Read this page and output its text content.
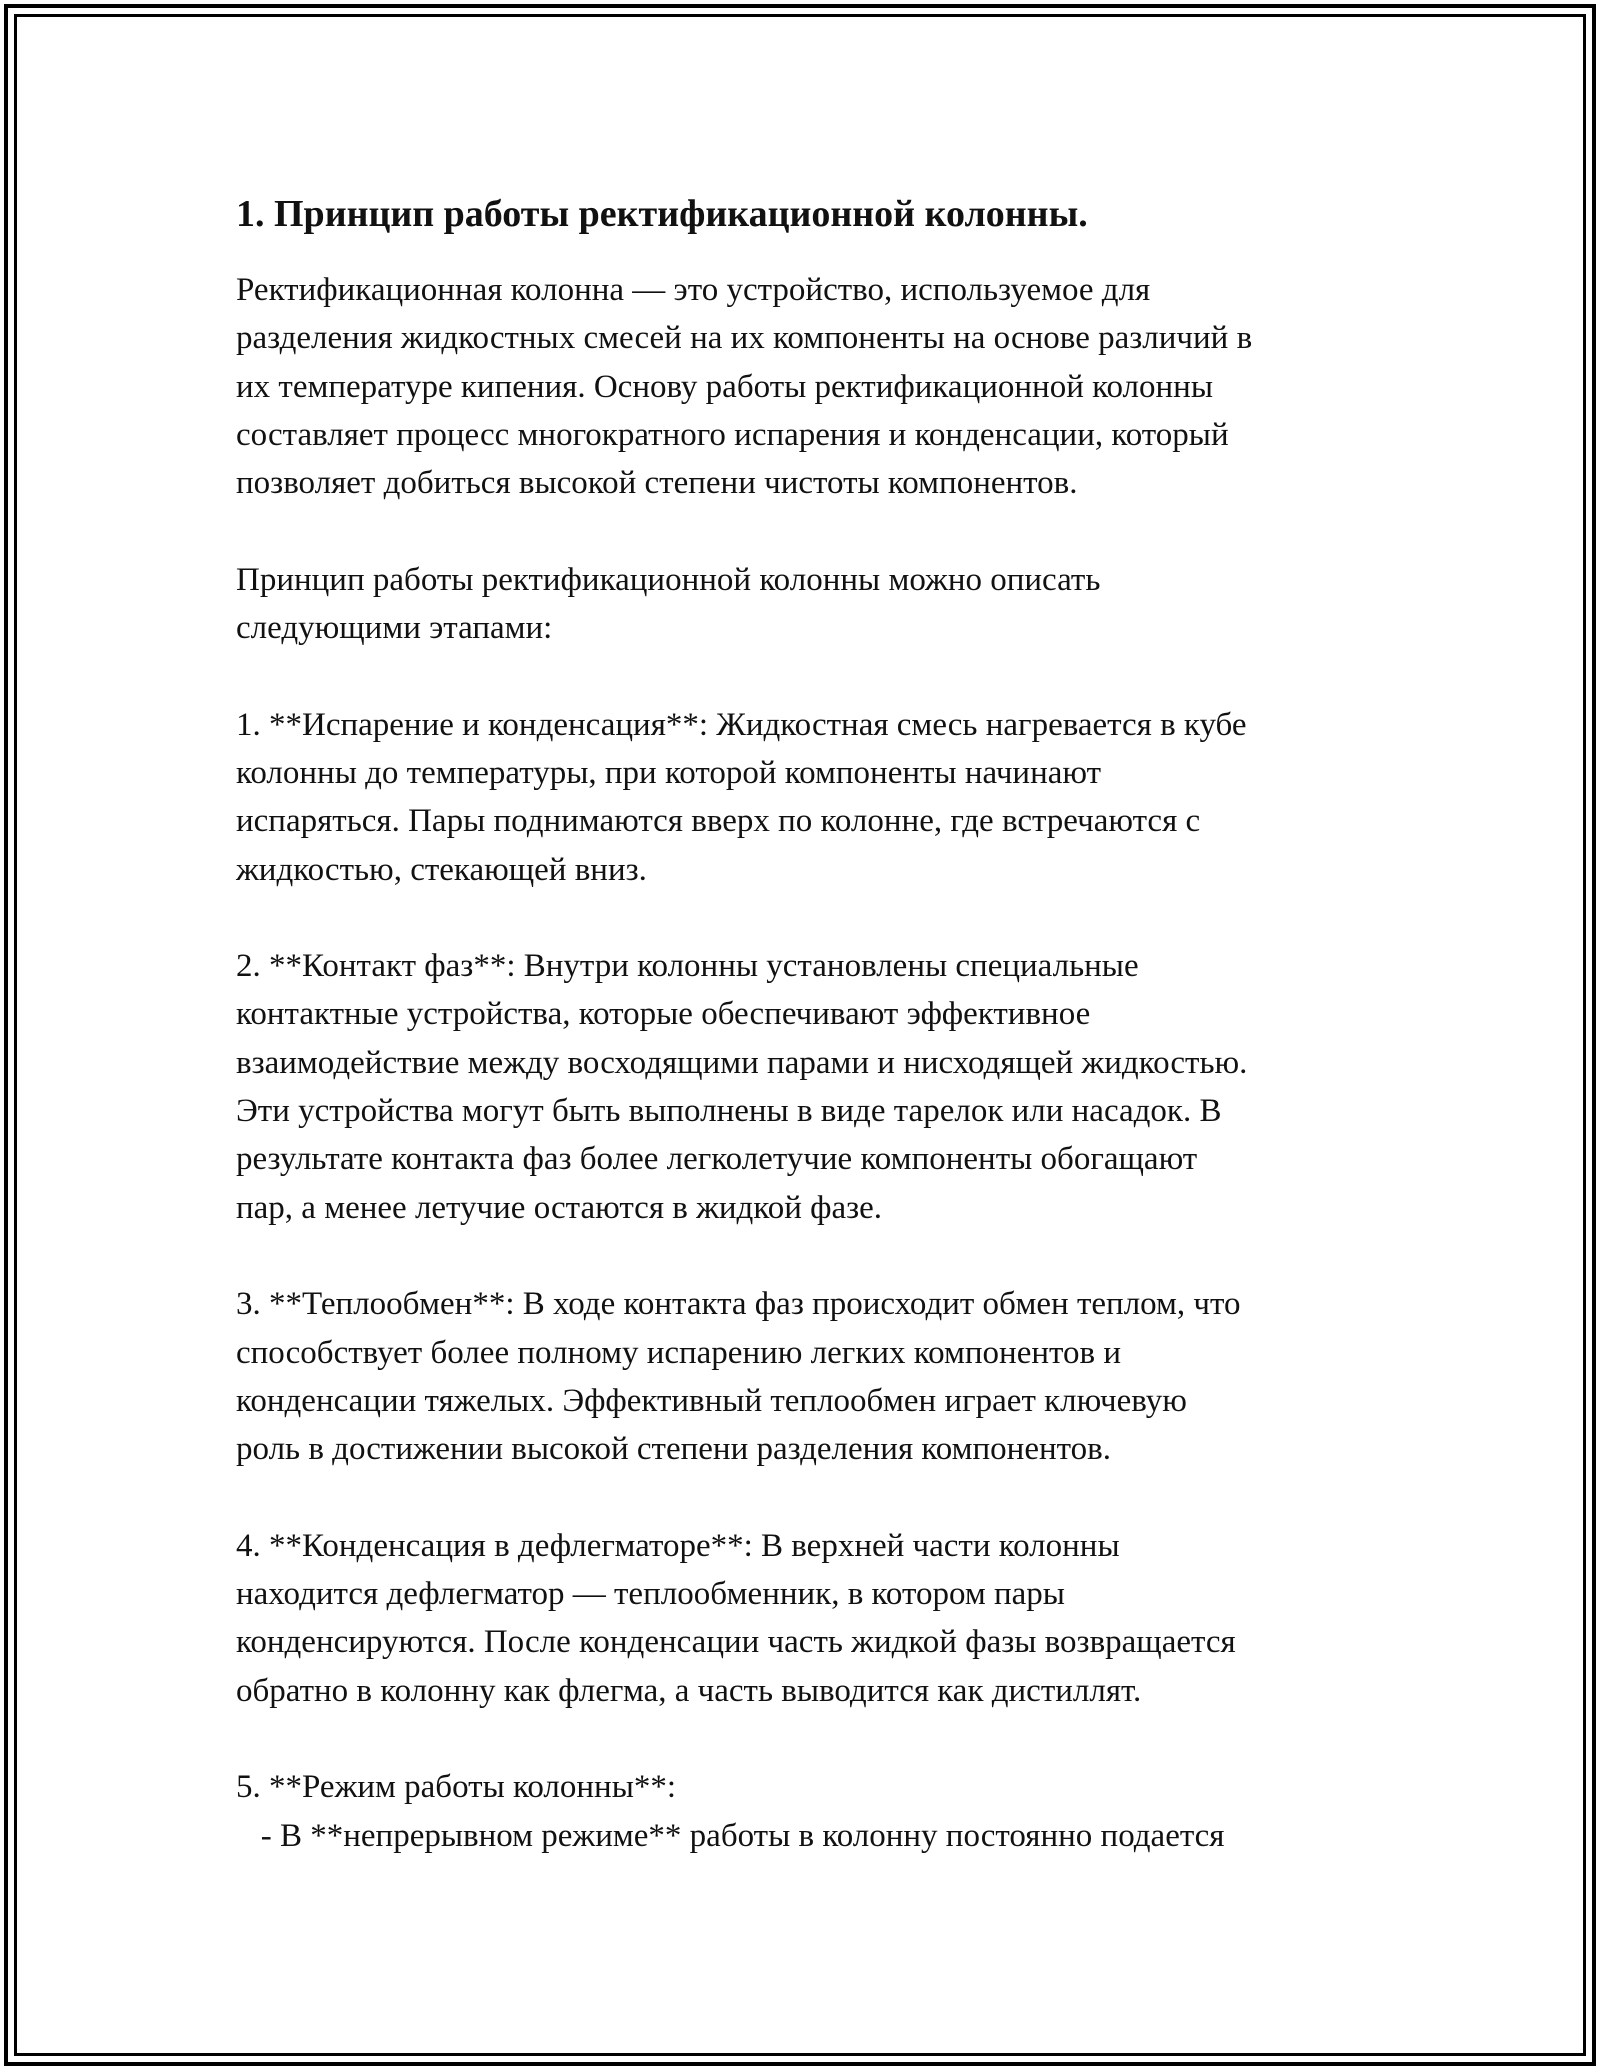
1. Принцип работы ректификационной колонны.
Ректификационная колонна — это устройство, используемое для
разделения жидкостных смесей на их компоненты на основе различий в
их температуре кипения. Основу работы ректификационной колонны
составляет процесс многократного испарения и конденсации, который
позволяет добиться высокой степени чистоты компонентов.
Принцип работы ректификационной колонны можно описать
следующими этапами:
1. **Испарение и конденсация**: Жидкостная смесь нагревается в кубе
колонны до температуры, при которой компоненты начинают
испаряться. Пары поднимаются вверх по колонне, где встречаются с
жидкостью, стекающей вниз.
2. **Контакт фаз**: Внутри колонны установлены специальные
контактные устройства, которые обеспечивают эффективное
взаимодействие между восходящими парами и нисходящей жидкостью.
Эти устройства могут быть выполнены в виде тарелок или насадок. В
результате контакта фаз более легколетучие компоненты обогащают
пар, а менее летучие остаются в жидкой фазе.
3. **Теплообмен**: В ходе контакта фаз происходит обмен теплом, что
способствует более полному испарению легких компонентов и
конденсации тяжелых. Эффективный теплообмен играет ключевую
роль в достижении высокой степени разделения компонентов.
4. **Конденсация в дефлегматоре**: В верхней части колонны
находится дефлегматор — теплообменник, в котором пары
конденсируются. После конденсации часть жидкой фазы возвращается
обратно в колонну как флегма, а часть выводится как дистиллят.
5. **Режим работы колонны**:
- В **непрерывном режиме** работы в колонну постоянно подается
